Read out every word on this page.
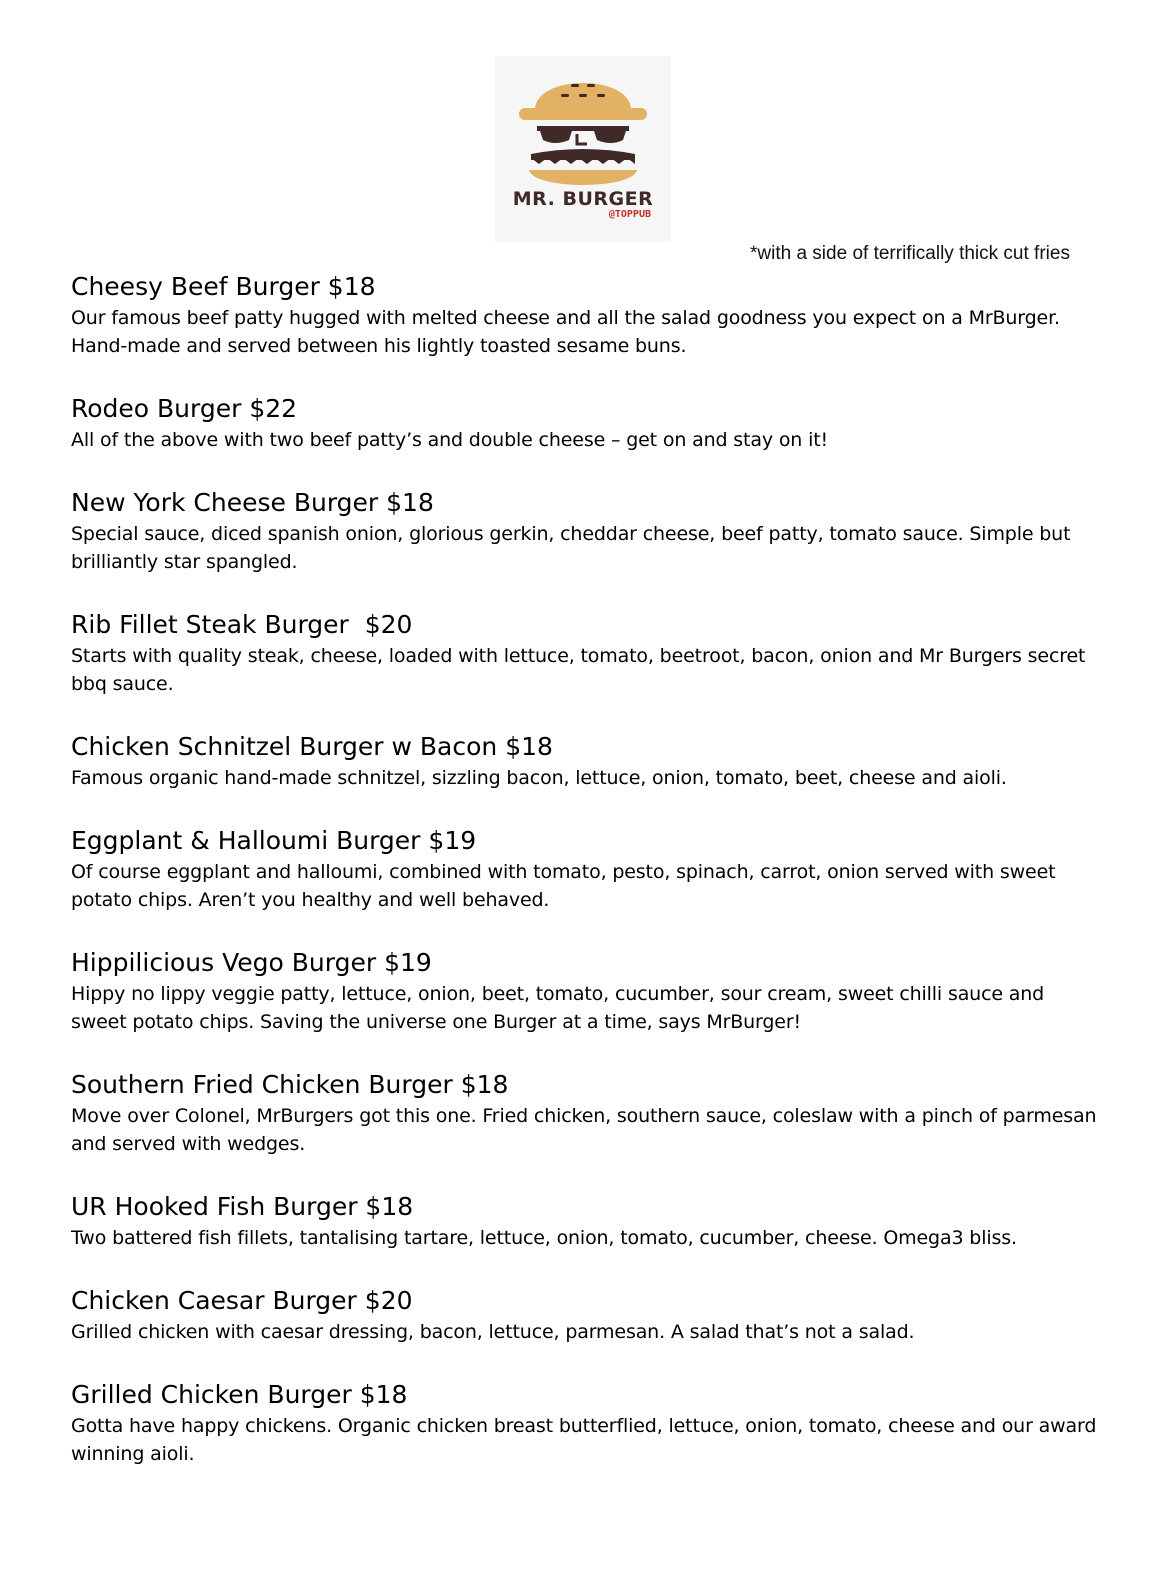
MR. BURGER
@TOPPUB
*with a side of terrifically thick cut fries
Cheesy Beef Burger $18

Our famous beef patty hugged with melted cheese and all the salad goodness you expect on a MrBurger. Hand-made and served between his lightly toasted sesame buns.

Rodeo Burger $22

All of the above with two beef patty’s and double cheese – get on and stay on it!

New York Cheese Burger $18

Special sauce, diced spanish onion, glorious gerkin, cheddar cheese, beef patty, tomato sauce. Simple but brilliantly star spangled.

Rib Fillet Steak Burger  $20

Starts with quality steak, cheese, loaded with lettuce, tomato, beetroot, bacon, onion and Mr Burgers secret bbq sauce.

Chicken Schnitzel Burger w Bacon $18

Famous organic hand-made schnitzel, sizzling bacon, lettuce, onion, tomato, beet, cheese and aioli.

Eggplant & Halloumi Burger $19

Of course eggplant and halloumi, combined with tomato, pesto, spinach, carrot, onion served with sweet potato chips. Aren’t you healthy and well behaved.

Hippilicious Vego Burger $19

Hippy no lippy veggie patty, lettuce, onion, beet, tomato, cucumber, sour cream, sweet chilli sauce and sweet potato chips. Saving the universe one Burger at a time, says MrBurger!

Southern Fried Chicken Burger $18

Move over Colonel, MrBurgers got this one. Fried chicken, southern sauce, coleslaw with a pinch of parmesan and served with wedges.

UR Hooked Fish Burger $18

Two battered fish fillets, tantalising tartare, lettuce, onion, tomato, cucumber, cheese. Omega3 bliss.

Chicken Caesar Burger $20

Grilled chicken with caesar dressing, bacon, lettuce, parmesan. A salad that’s not a salad.

Grilled Chicken Burger $18

Gotta have happy chickens. Organic chicken breast butterflied, lettuce, onion, tomato, cheese and our award winning aioli.
